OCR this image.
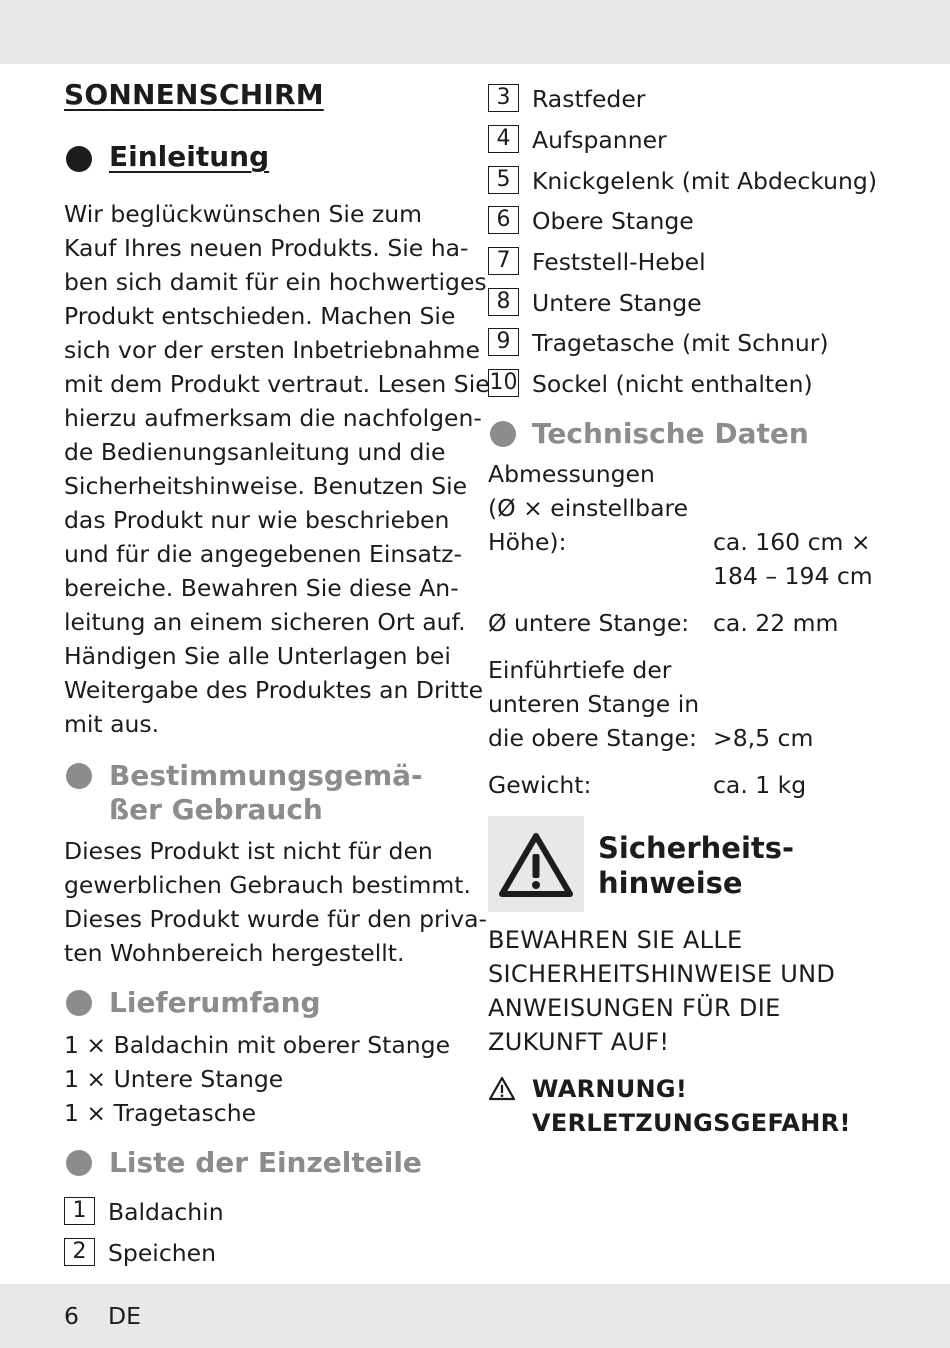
SONNENSCHIRM
Einleitung
Wir beglückwünschen Sie zum
Kauf Ihres neuen Produkts. Sie ha-
ben sich damit für ein hochwertiges
Produkt entschieden. Machen Sie
sich vor der ersten Inbetriebnahme
mit dem Produkt vertraut. Lesen Sie
hierzu aufmerksam die nachfolgen-
de Bedienungsanleitung und die
Sicherheitshinweise. Benutzen Sie
das Produkt nur wie beschrieben
und für die angegebenen Einsatz-
bereiche. Bewahren Sie diese An-
leitung an einem sicheren Ort auf.
Händigen Sie alle Unterlagen bei
Weitergabe des Produktes an Dritte
mit aus.
Bestimmungsgemä-
ßer Gebrauch
Dieses Produkt ist nicht für den
gewerblichen Gebrauch bestimmt.
Dieses Produkt wurde für den priva-
ten Wohnbereich hergestellt.
Lieferumfang
1 × Baldachin mit oberer Stange
1 × Untere Stange
1 × Tragetasche
Liste der Einzelteile
1 Baldachin
2 Speichen
3 Rastfeder
4 Aufspanner
5 Knickgelenk (mit Abdeckung)
6 Obere Stange
7 Feststell-Hebel
8 Untere Stange
9 Tragetasche (mit Schnur)
10 Sockel (nicht enthalten)
Technische Daten
Abmessungen
(Ø × einstellbare
Höhe):	ca. 160 cm ×
184 – 194 cm
Ø untere Stange: ca. 22 mm
Einführtiefe der
unteren Stange in
die obere Stange: >8,5 cm
Gewicht:	ca. 1 kg
Sicherheits-
hinweise
BEWAHREN SIE ALLE
SICHERHEITSHINWEISE UND
ANWEISUNGEN FÜR DIE
ZUKUNFT AUF!
WARNUNG!
VERLETZUNGSGEFAHR!
6 DE
